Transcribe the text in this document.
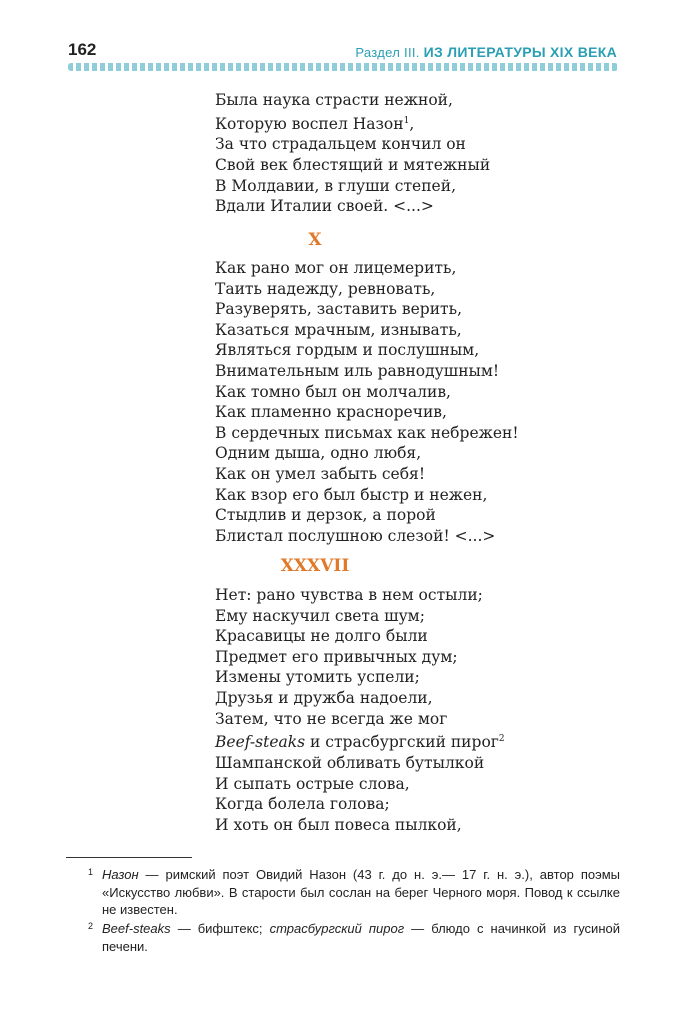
162	Раздел III. ИЗ ЛИТЕРАТУРЫ XIX ВЕКА
Была наука страсти нежной,
Которую воспел Назон$^1$,
За что страдальцем кончил он
Свой век блестящий и мятежный
В Молдавии, в глуши степей,
Вдали Италии своей. <...>
X
Как рано мог он лицемерить,
Таить надежду, ревновать,
Разуверять, заставить верить,
Казаться мрачным, изнывать,
Являться гордым и послушным,
Внимательным иль равнодушным!
Как томно был он молчалив,
Как пламенно красноречив,
В сердечных письмах как небрежен!
Одним дыша, одно любя,
Как он умел забыть себя!
Как взор его был быстр и нежен,
Стыдлив и дерзок, а порой
Блистал послушною слезой! <...>
XXXVII
Нет: рано чувства в нем остыли;
Ему наскучил света шум;
Красавицы не долго были
Предмет его привычных дум;
Измены утомить успели;
Друзья и дружба надоели,
Затем, что не всегда же мог
Beef-steaks и страсбургский пирог$^2$
Шампанской обливать бутылкой
И сыпать острые слова,
Когда болела голова;
И хоть он был повеса пылкой,
1 Назон — римский поэт Овидий Назон (43 г. до н. э.— 17 г. н. э.), автор поэмы «Искусство любви». В старости был сослан на берег Черного моря. Повод к ссылке не известен.
2 Beef-steaks — бифштекс; страсбургский пирог — блюдо с начинкой из гусиной печени.
